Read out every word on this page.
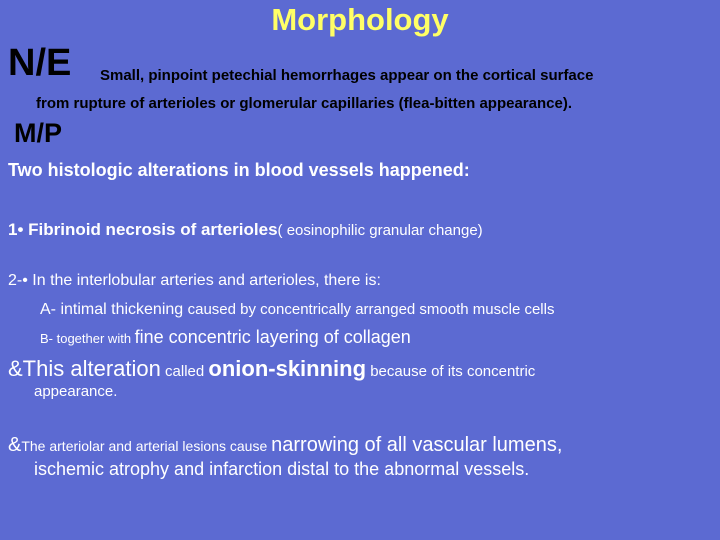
Morphology
N/E Small, pinpoint petechial hemorrhages appear on the cortical surface
from rupture of arterioles or glomerular capillaries (flea-bitten appearance).
M/P
Two histologic alterations in blood vessels happened:
1• Fibrinoid necrosis of arterioles( eosinophilic granular change)
2-• In the interlobular arteries and arterioles, there is:
A- intimal thickening caused by concentrically arranged smooth muscle cells
B- together with fine concentric layering of collagen
&This alteration called onion-skinning because of its concentric
appearance.
&The arteriolar and arterial lesions cause narrowing of all vascular lumens,
ischemic atrophy and infarction distal to the abnormal vessels.
